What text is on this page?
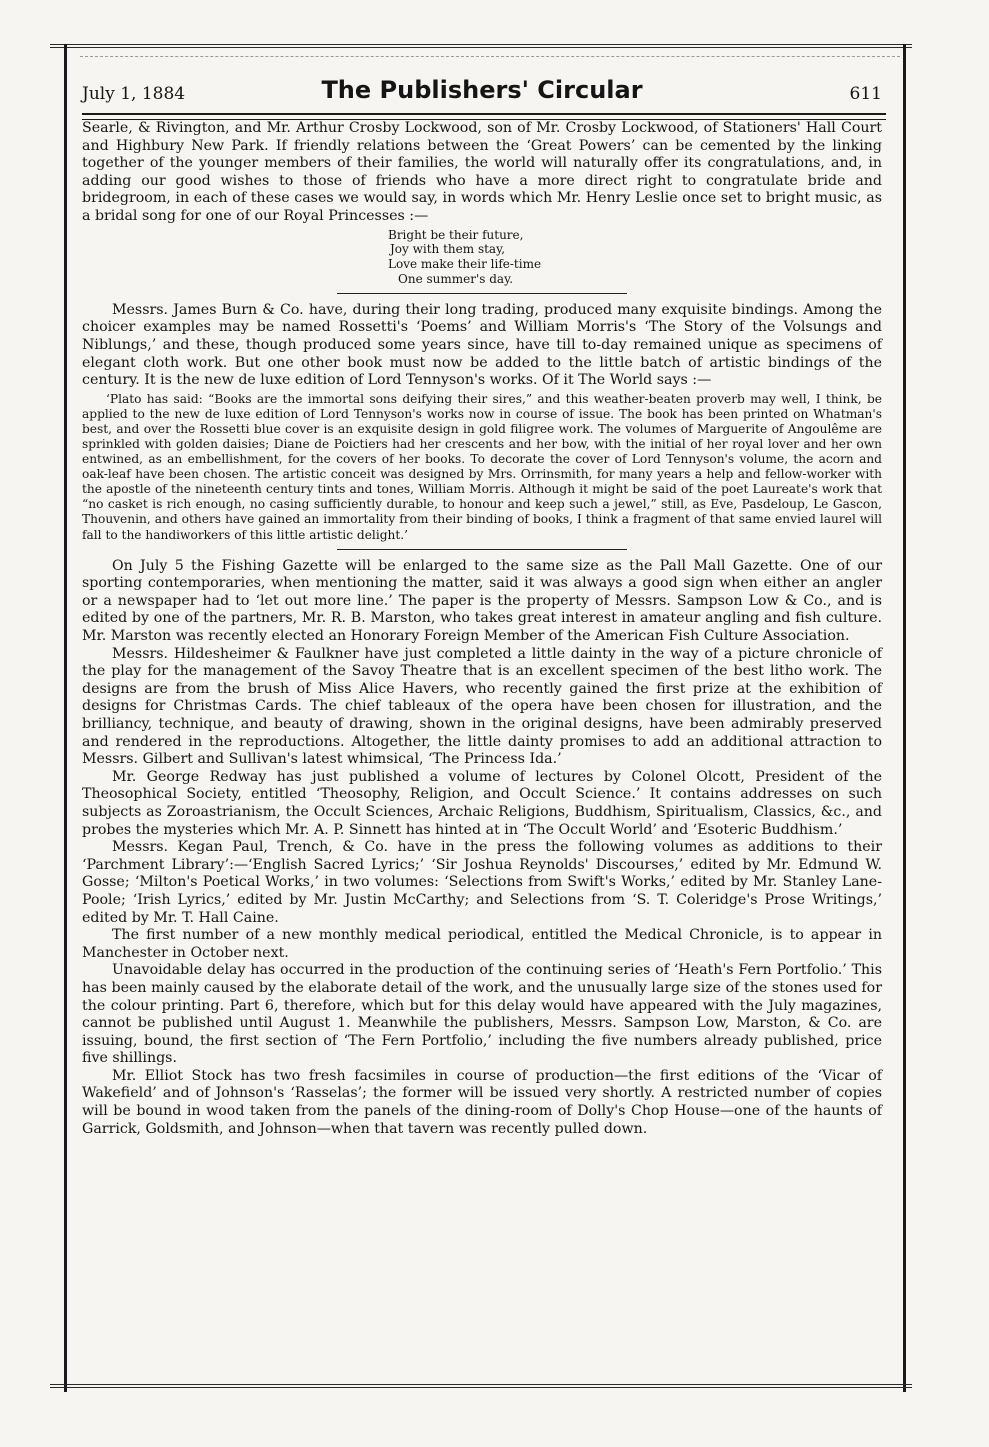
July 1, 1884	The Publishers' Circular	611

Searle, & Rivington, and Mr. Arthur Crosby Lockwood, son of Mr. Crosby Lockwood, of Stationers' Hall Court and Highbury New Park. If friendly relations between the ‘Great Powers’ can be cemented by the linking together of the younger members of their families, the world will naturally offer its congratulations, and, in adding our good wishes to those of friends who have a more direct right to congratulate bride and bridegroom, in each of these cases we would say, in words which Mr. Henry Leslie once set to bright music, as a bridal song for one of our Royal Princesses :—

Bright be their future,
Joy with them stay,
Love make their life-time
One summer's day.

Messrs. James Burn & Co. have, during their long trading, produced many exquisite bindings. Among the choicer examples may be named Rossetti's ‘Poems’ and William Morris's ‘The Story of the Volsungs and Niblungs,’ and these, though produced some years since, have till to-day remained unique as specimens of elegant cloth work. But one other book must now be added to the little batch of artistic bindings of the century. It is the new de luxe edition of Lord Tennyson's works. Of it The World says :—

‘Plato has said: “Books are the immortal sons deifying their sires,” and this weather-beaten proverb may well, I think, be applied to the new de luxe edition of Lord Tennyson's works now in course of issue. The book has been printed on Whatman's best, and over the Rossetti blue cover is an exquisite design in gold filigree work. The volumes of Marguerite of Angoulême are sprinkled with golden daisies; Diane de Poictiers had her crescents and her bow, with the initial of her royal lover and her own entwined, as an embellishment, for the covers of her books. To decorate the cover of Lord Tennyson's volume, the acorn and oak-leaf have been chosen. The artistic conceit was designed by Mrs. Orrinsmith, for many years a help and fellow-worker with the apostle of the nineteenth century tints and tones, William Morris. Although it might be said of the poet Laureate's work that “no casket is rich enough, no casing sufficiently durable, to honour and keep such a jewel,” still, as Eve, Pasdeloup, Le Gascon, Thouvenin, and others have gained an immortality from their binding of books, I think a fragment of that same envied laurel will fall to the handiworkers of this little artistic delight.’

On July 5 the Fishing Gazette will be enlarged to the same size as the Pall Mall Gazette. One of our sporting contemporaries, when mentioning the matter, said it was always a good sign when either an angler or a newspaper had to ‘let out more line.’ The paper is the property of Messrs. Sampson Low & Co., and is edited by one of the partners, Mr. R. B. Marston, who takes great interest in amateur angling and fish culture. Mr. Marston was recently elected an Honorary Foreign Member of the American Fish Culture Association.

Messrs. Hildesheimer & Faulkner have just completed a little dainty in the way of a picture chronicle of the play for the management of the Savoy Theatre that is an excellent specimen of the best litho work. The designs are from the brush of Miss Alice Havers, who recently gained the first prize at the exhibition of designs for Christmas Cards. The chief tableaux of the opera have been chosen for illustration, and the brilliancy, technique, and beauty of drawing, shown in the original designs, have been admirably preserved and rendered in the reproductions. Altogether, the little dainty promises to add an additional attraction to Messrs. Gilbert and Sullivan's latest whimsical, ‘The Princess Ida.’

Mr. George Redway has just published a volume of lectures by Colonel Olcott, President of the Theosophical Society, entitled ‘Theosophy, Religion, and Occult Science.’ It contains addresses on such subjects as Zoroastrianism, the Occult Sciences, Archaic Religions, Buddhism, Spiritualism, Classics, &c., and probes the mysteries which Mr. A. P. Sinnett has hinted at in ‘The Occult World’ and ‘Esoteric Buddhism.’

Messrs. Kegan Paul, Trench, & Co. have in the press the following volumes as additions to their ‘Parchment Library’:—‘English Sacred Lyrics;’ ‘Sir Joshua Reynolds' Discourses,’ edited by Mr. Edmund W. Gosse; ‘Milton's Poetical Works,’ in two volumes: ‘Selections from Swift's Works,’ edited by Mr. Stanley Lane-Poole; ‘Irish Lyrics,’ edited by Mr. Justin McCarthy; and Selections from ‘S. T. Coleridge's Prose Writings,’ edited by Mr. T. Hall Caine.

The first number of a new monthly medical periodical, entitled the Medical Chronicle, is to appear in Manchester in October next.

Unavoidable delay has occurred in the production of the continuing series of ‘Heath's Fern Portfolio.’ This has been mainly caused by the elaborate detail of the work, and the unusually large size of the stones used for the colour printing. Part 6, therefore, which but for this delay would have appeared with the July magazines, cannot be published until August 1. Meanwhile the publishers, Messrs. Sampson Low, Marston, & Co. are issuing, bound, the first section of ‘The Fern Portfolio,’ including the five numbers already published, price five shillings.

Mr. Elliot Stock has two fresh facsimiles in course of production—the first editions of the ‘Vicar of Wakefield’ and of Johnson's ‘Rasselas’; the former will be issued very shortly. A restricted number of copies will be bound in wood taken from the panels of the dining-room of Dolly's Chop House—one of the haunts of Garrick, Goldsmith, and Johnson—when that tavern was recently pulled down.
